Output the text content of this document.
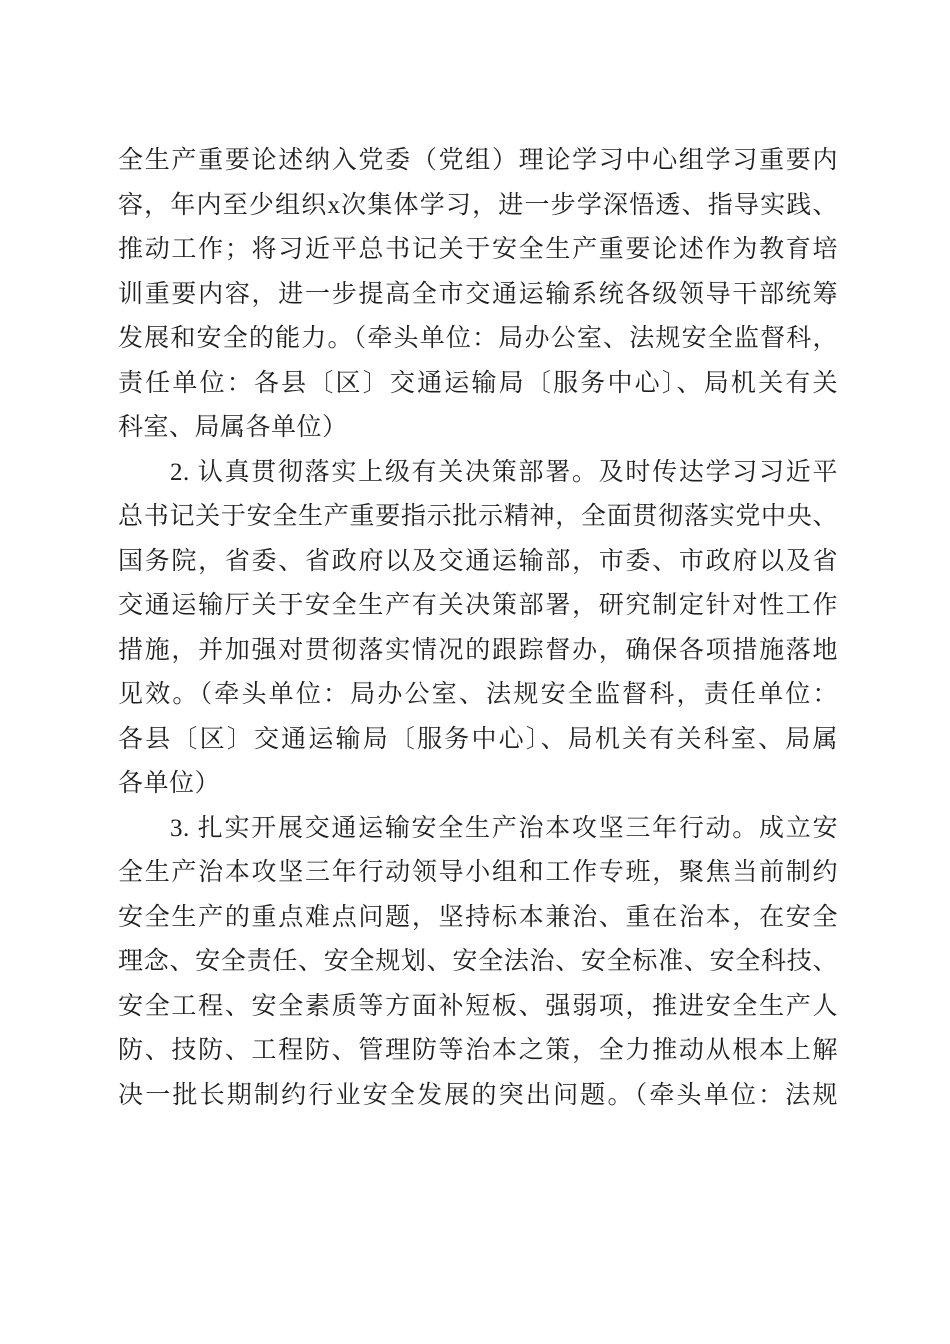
全生产重要论述纳入党委（党组）理论学习中心组学习重要内
容，年内至少组织x次集体学习，进一步学深悟透、指导实践、
推动工作；将习近平总书记关于安全生产重要论述作为教育培
训重要内容，进一步提高全市交通运输系统各级领导干部统筹
发展和安全的能力。（牵头单位：局办公室、法规安全监督科，
责任单位：各县〔区〕交通运输局〔服务中心〕、局机关有关
科室、局属各单位）
2. 认真贯彻落实上级有关决策部署。及时传达学习习近平
总书记关于安全生产重要指示批示精神，全面贯彻落实党中央、
国务院，省委、省政府以及交通运输部，市委、市政府以及省
交通运输厅关于安全生产有关决策部署，研究制定针对性工作
措施，并加强对贯彻落实情况的跟踪督办，确保各项措施落地
见效。（牵头单位：局办公室、法规安全监督科，责任单位：
各县〔区〕交通运输局〔服务中心〕、局机关有关科室、局属
各单位）
3. 扎实开展交通运输安全生产治本攻坚三年行动。成立安
全生产治本攻坚三年行动领导小组和工作专班，聚焦当前制约
安全生产的重点难点问题，坚持标本兼治、重在治本，在安全
理念、安全责任、安全规划、安全法治、安全标准、安全科技、
安全工程、安全素质等方面补短板、强弱项，推进安全生产人
防、技防、工程防、管理防等治本之策，全力推动从根本上解
决一批长期制约行业安全发展的突出问题。（牵头单位：法规
